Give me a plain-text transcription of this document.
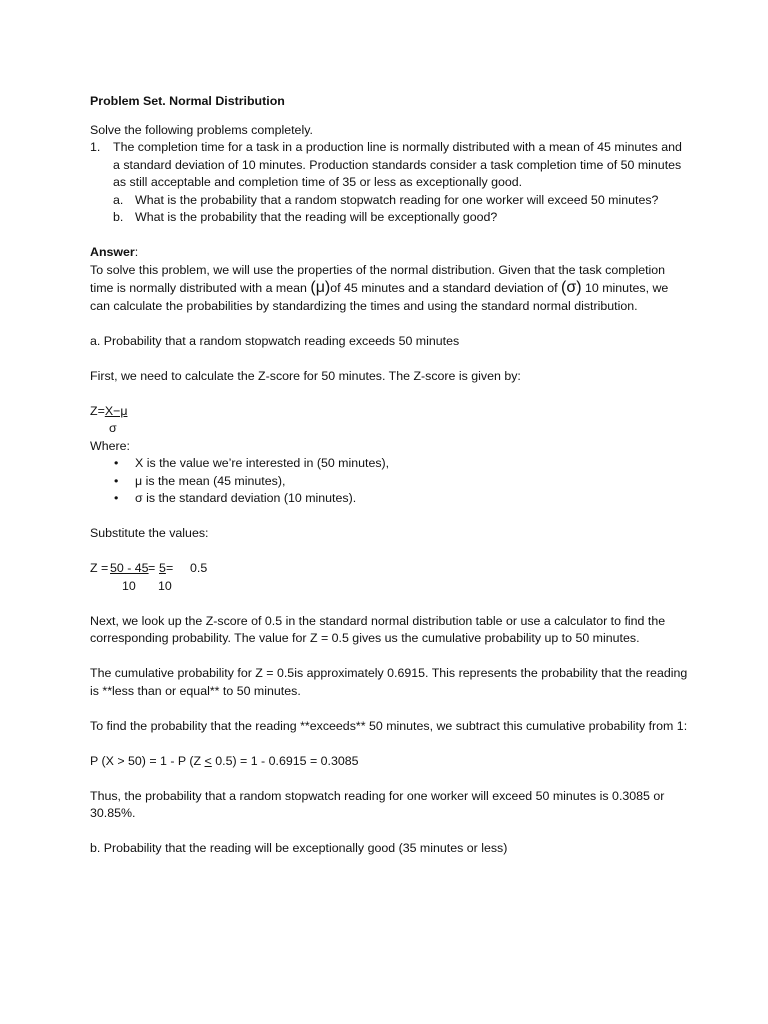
Problem Set. Normal Distribution

Solve the following problems completely.

1. The completion time for a task in a production line is normally distributed with a mean of 45 minutes and a standard deviation of 10 minutes. Production standards consider a task completion time of 50 minutes as still acceptable and completion time of 35 or less as exceptionally good.
a. What is the probability that a random stopwatch reading for one worker will exceed 50 minutes?
b. What is the probability that the reading will be exceptionally good?

Answer:

To solve this problem, we will use the properties of the normal distribution. Given that the task completion time is normally distributed with a mean (μ)of 45 minutes and a standard deviation of (σ) 10 minutes, we can calculate the probabilities by standardizing the times and using the standard normal distribution.

a. Probability that a random stopwatch reading exceeds 50 minutes

First, we need to calculate the Z-score for 50 minutes. The Z-score is given by:

Z=X−μ

σ

Where:

• X is the value we’re interested in (50 minutes),
• μ is the mean (45 minutes),
• σ is the standard deviation (10 minutes).

Substitute the values:

Z =
50 - 45 = 5 = 0.5
10 10

Next, we look up the Z-score of 0.5 in the standard normal distribution table or use a calculator to find the corresponding probability. The value for Z = 0.5 gives us the cumulative probability up to 50 minutes.

The cumulative probability for Z = 0.5is approximately 0.6915. This represents the probability that the reading is **less than or equal** to 50 minutes.

To find the probability that the reading **exceeds** 50 minutes, we subtract this cumulative probability from 1:

P (X > 50) = 1 - P (Z ≤ 0.5) = 1 - 0.6915 = 0.3085

Thus, the probability that a random stopwatch reading for one worker will exceed 50 minutes is 0.3085 or 30.85%.

b. Probability that the reading will be exceptionally good (35 minutes or less)
